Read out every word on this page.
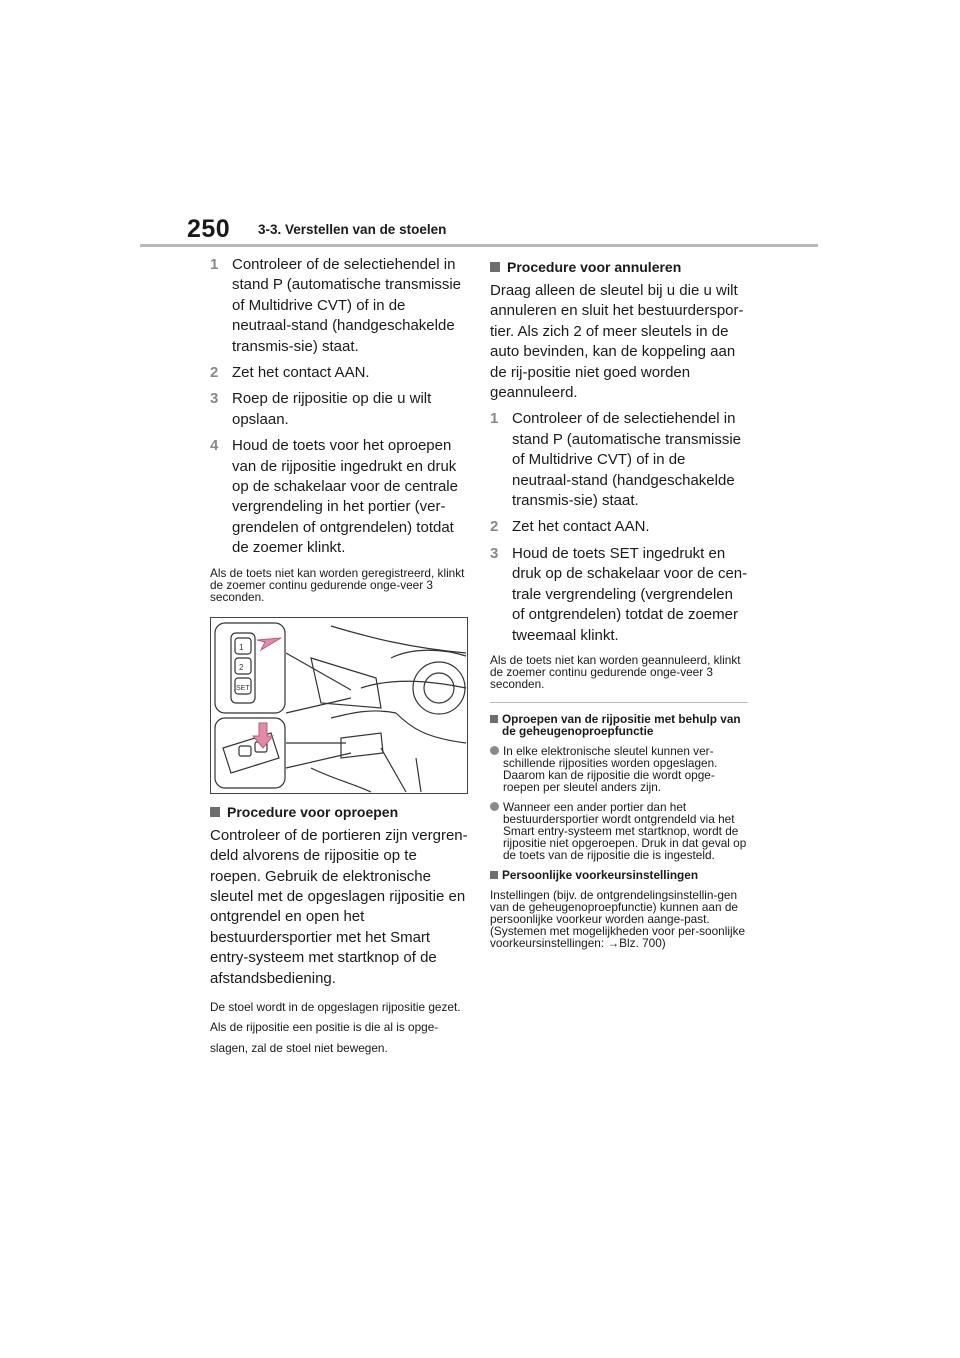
250 3-3. Verstellen van de stoelen
1 Controleer of de selectiehendel in stand P (automatische transmissie of Multidrive CVT) of in de neutraal-stand (handgeschakelde transmis-sie) staat.
2 Zet het contact AAN.
3 Roep de rijpositie op die u wilt opslaan.
4 Houd de toets voor het oproepen van de rijpositie ingedrukt en druk op de schakelaar voor de centrale vergrendeling in het portier (ver-grendelen of ontgrendelen) totdat de zoemer klinkt.
Als de toets niet kan worden geregistreerd, klinkt de zoemer continu gedurende onge-veer 3 seconden.
1
2
SET
Procedure voor oproepen
Controleer of de portieren zijn vergren-deld alvorens de rijpositie op te roepen. Gebruik de elektronische sleutel met de opgeslagen rijpositie en ontgrendel en open het bestuurdersportier met het Smart entry-systeem met startknop of de afstandsbediening.
De stoel wordt in de opgeslagen rijpositie gezet. Als de rijpositie een positie is die al is opge-slagen, zal de stoel niet bewegen.
Procedure voor annuleren
Draag alleen de sleutel bij u die u wilt annuleren en sluit het bestuurderspor-tier. Als zich 2 of meer sleutels in de auto bevinden, kan de koppeling aan de rij-positie niet goed worden geannuleerd.
1 Controleer of de selectiehendel in stand P (automatische transmissie of Multidrive CVT) of in de neutraal-stand (handgeschakelde transmis-sie) staat.
2 Zet het contact AAN.
3 Houd de toets SET ingedrukt en druk op de schakelaar voor de cen-trale vergrendeling (vergrendelen of ontgrendelen) totdat de zoemer tweemaal klinkt.
Als de toets niet kan worden geannuleerd, klinkt de zoemer continu gedurende onge-veer 3 seconden.
Oproepen van de rijpositie met behulp van de geheugenoproepfunctie
In elke elektronische sleutel kunnen ver-schillende rijposities worden opgeslagen. Daarom kan de rijpositie die wordt opge-roepen per sleutel anders zijn.
Wanneer een ander portier dan het bestuurdersportier wordt ontgrendeld via het Smart entry-systeem met startknop, wordt de rijpositie niet opgeroepen. Druk in dat geval op de toets van de rijpositie die is ingesteld.
Persoonlijke voorkeursinstellingen
Instellingen (bijv. de ontgrendelingsinstellin-gen van de geheugenoproepfunctie) kunnen aan de persoonlijke voorkeur worden aange-past. (Systemen met mogelijkheden voor per-soonlijke voorkeursinstellingen: →Blz. 700)
